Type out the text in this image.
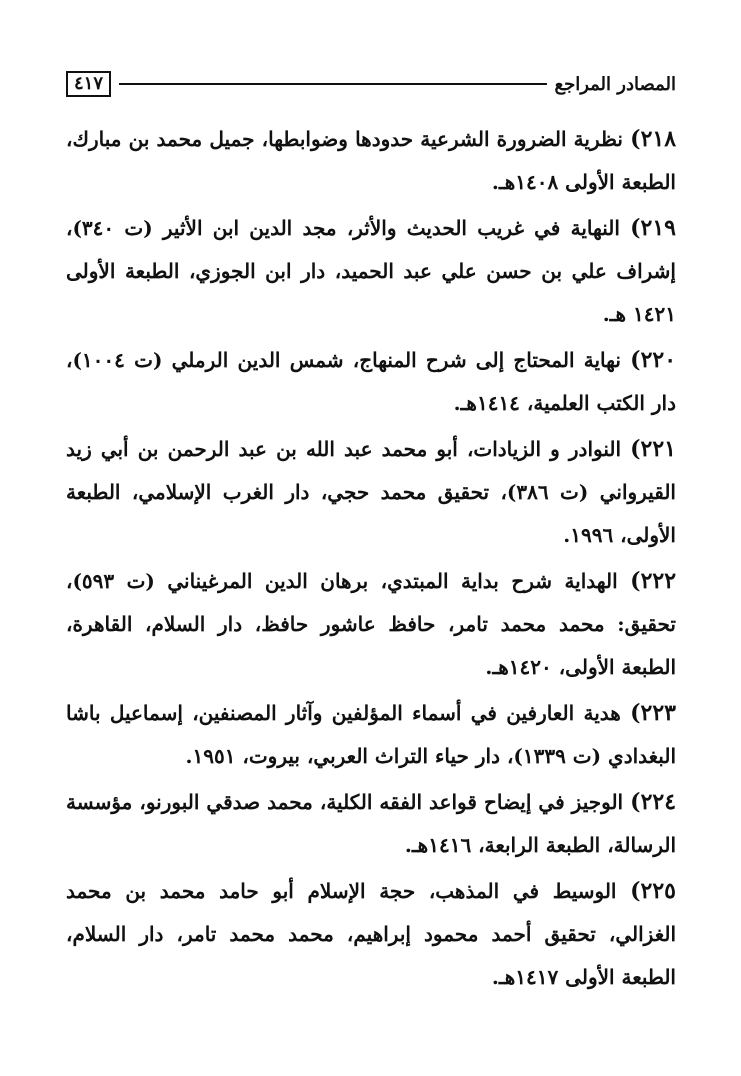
٤١٧	المصادر المراجع

٢١٨) نظرية الضرورة الشرعية حدودها وضوابطها، جميل محمد بن مبارك، الطبعة الأولى ١٤٠٨هـ.

٢١٩) النهاية في غريب الحديث والأثر، مجد الدين ابن الأثير (ت ٣٤٠)، إشراف علي بن حسن علي عبد الحميد، دار ابن الجوزي، الطبعة الأولى ١٤٢١ هـ.

٢٢٠) نهاية المحتاج إلى شرح المنهاج، شمس الدين الرملي (ت ١٠٠٤)، دار الكتب العلمية، ١٤١٤هـ.

٢٢١) النوادر و الزيادات، أبو محمد عبد الله بن عبد الرحمن بن أبي زيد القيرواني (ت ٣٨٦)، تحقيق محمد حجي، دار الغرب الإسلامي، الطبعة الأولى، ١٩٩٦.

٢٢٢) الهداية شرح بداية المبتدي، برهان الدين المرغيناني (ت ٥٩٣)، تحقيق: محمد محمد تامر، حافظ عاشور حافظ، دار السلام، القاهرة، الطبعة الأولى، ١٤٢٠هـ.

٢٢٣) هدية العارفين في أسماء المؤلفين وآثار المصنفين، إسماعيل باشا البغدادي (ت ١٣٣٩)، دار حياء التراث العربي، بيروت، ١٩٥١.

٢٢٤) الوجيز في إيضاح قواعد الفقه الكلية، محمد صدقي البورنو، مؤسسة الرسالة، الطبعة الرابعة، ١٤١٦هـ.

٢٢٥) الوسيط في المذهب، حجة الإسلام أبو حامد محمد بن محمد الغزالي، تحقيق أحمد محمود إبراهيم، محمد محمد تامر، دار السلام، الطبعة الأولى ١٤١٧هـ.
